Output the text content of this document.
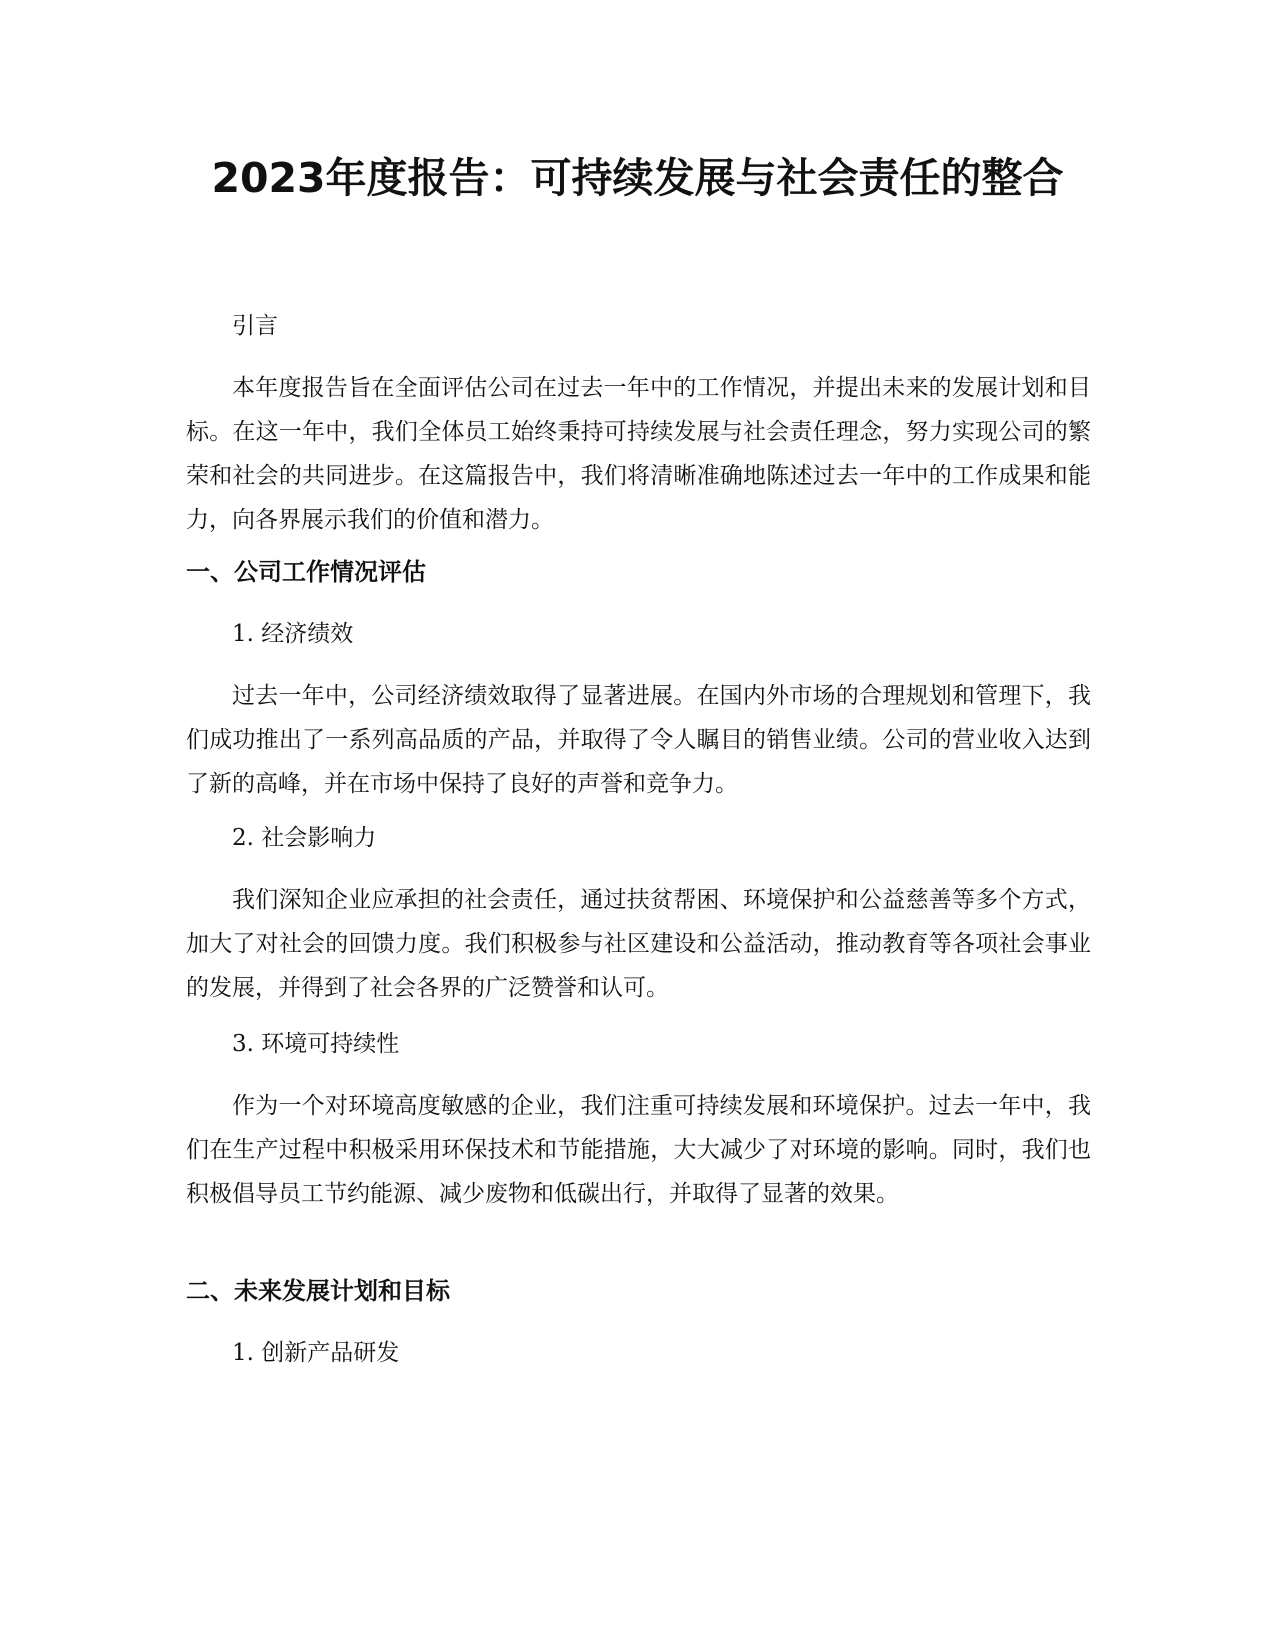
2023年度报告：可持续发展与社会责任的整合

引言

本年度报告旨在全面评估公司在过去一年中的工作情况，并提出未来的发展计划和目标。在这一年中，我们全体员工始终秉持可持续发展与社会责任理念，努力实现公司的繁荣和社会的共同进步。在这篇报告中，我们将清晰准确地陈述过去一年中的工作成果和能力，向各界展示我们的价值和潜力。

一、公司工作情况评估

1. 经济绩效

过去一年中，公司经济绩效取得了显著进展。在国内外市场的合理规划和管理下，我们成功推出了一系列高品质的产品，并取得了令人瞩目的销售业绩。公司的营业收入达到了新的高峰，并在市场中保持了良好的声誉和竞争力。

2. 社会影响力

我们深知企业应承担的社会责任，通过扶贫帮困、环境保护和公益慈善等多个方式，加大了对社会的回馈力度。我们积极参与社区建设和公益活动，推动教育等各项社会事业的发展，并得到了社会各界的广泛赞誉和认可。

3. 环境可持续性

作为一个对环境高度敏感的企业，我们注重可持续发展和环境保护。过去一年中，我们在生产过程中积极采用环保技术和节能措施，大大减少了对环境的影响。同时，我们也积极倡导员工节约能源、减少废物和低碳出行，并取得了显著的效果。

二、未来发展计划和目标

1. 创新产品研发
